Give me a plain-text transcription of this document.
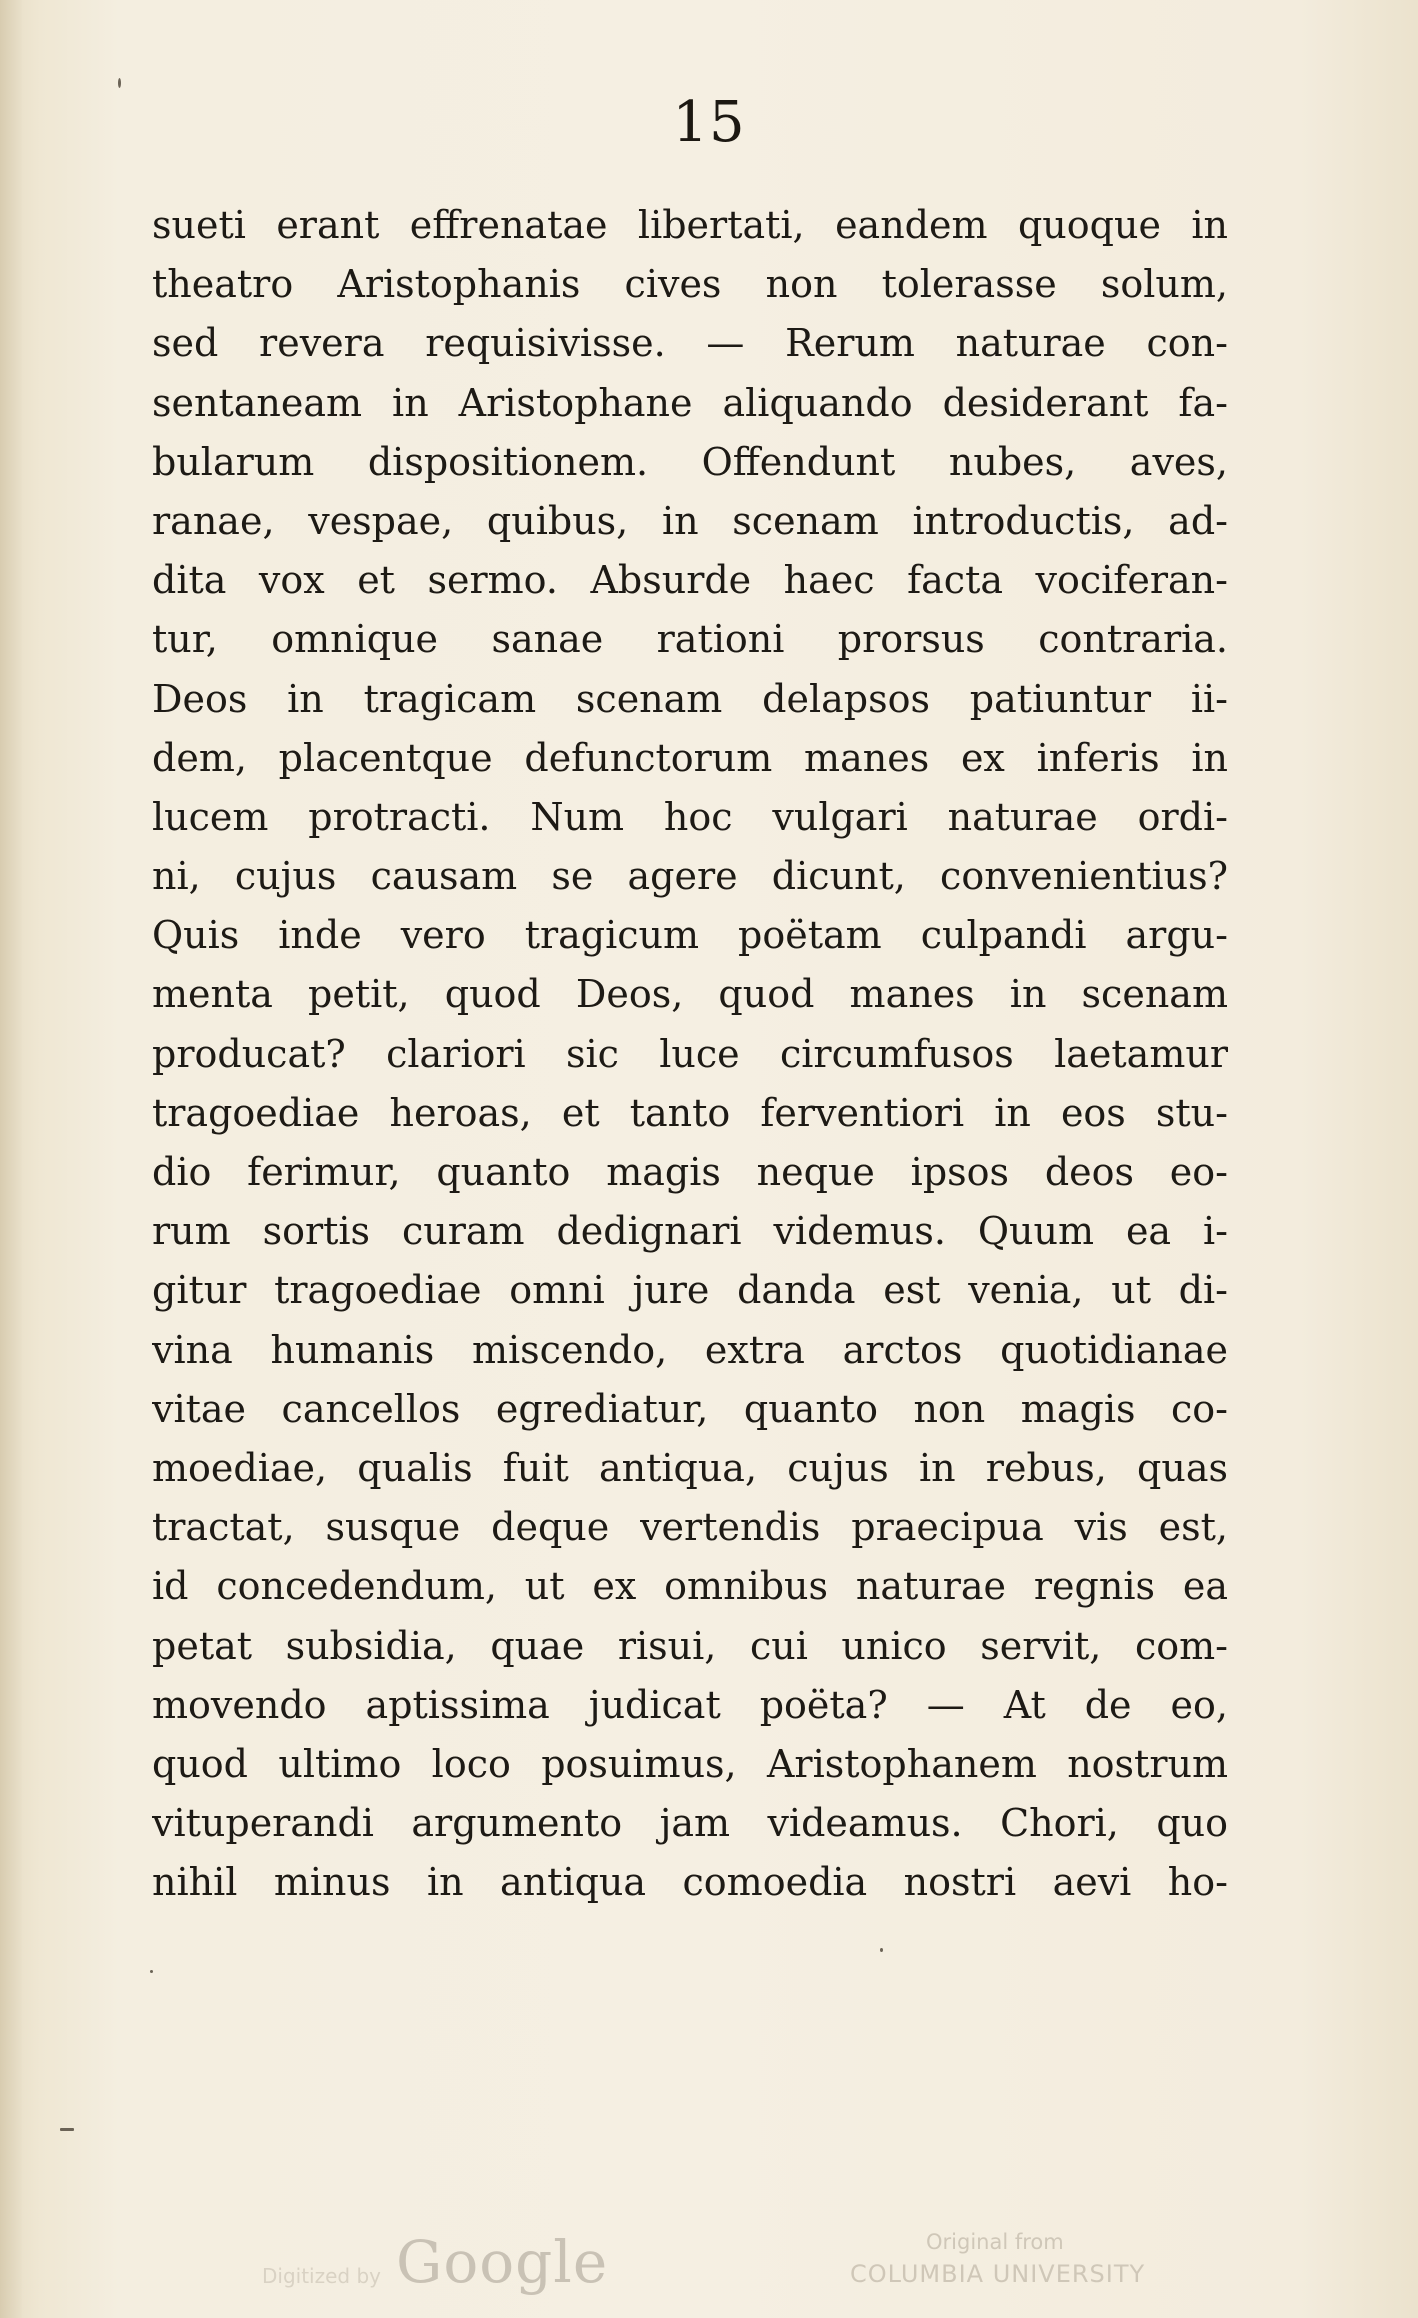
15
sueti erant effrenatae libertati, eandem quoque in
theatro Aristophanis cives non tolerasse solum,
sed revera requisivisse. — Rerum naturae con-
sentaneam in Aristophane aliquando desiderant fa-
bularum dispositionem. Offendunt nubes, aves,
ranae, vespae, quibus, in scenam introductis, ad-
dita vox et sermo. Absurde haec facta vociferan-
tur, omnique sanae rationi prorsus contraria.
Deos in tragicam scenam delapsos patiuntur ii-
dem, placentque defunctorum manes ex inferis in
lucem protracti. Num hoc vulgari naturae ordi-
ni, cujus causam se agere dicunt, convenientius?
Quis inde vero tragicum poëtam culpandi argu-
menta petit, quod Deos, quod manes in scenam
producat? clariori sic luce circumfusos laetamur
tragoediae heroas, et tanto ferventiori in eos stu-
dio ferimur, quanto magis neque ipsos deos eo-
rum sortis curam dedignari videmus. Quum ea i-
gitur tragoediae omni jure danda est venia, ut di-
vina humanis miscendo, extra arctos quotidianae
vitae cancellos egrediatur, quanto non magis co-
moediae, qualis fuit antiqua, cujus in rebus, quas
tractat, susque deque vertendis praecipua vis est,
id concedendum, ut ex omnibus naturae regnis ea
petat subsidia, quae risui, cui unico servit, com-
movendo aptissima judicat poëta? — At de eo,
quod ultimo loco posuimus, Aristophanem nostrum
vituperandi argumento jam videamus. Chori, quo
nihil minus in antiqua comoedia nostri aevi ho-
Digitized by Google	Original from
COLUMBIA UNIVERSITY
